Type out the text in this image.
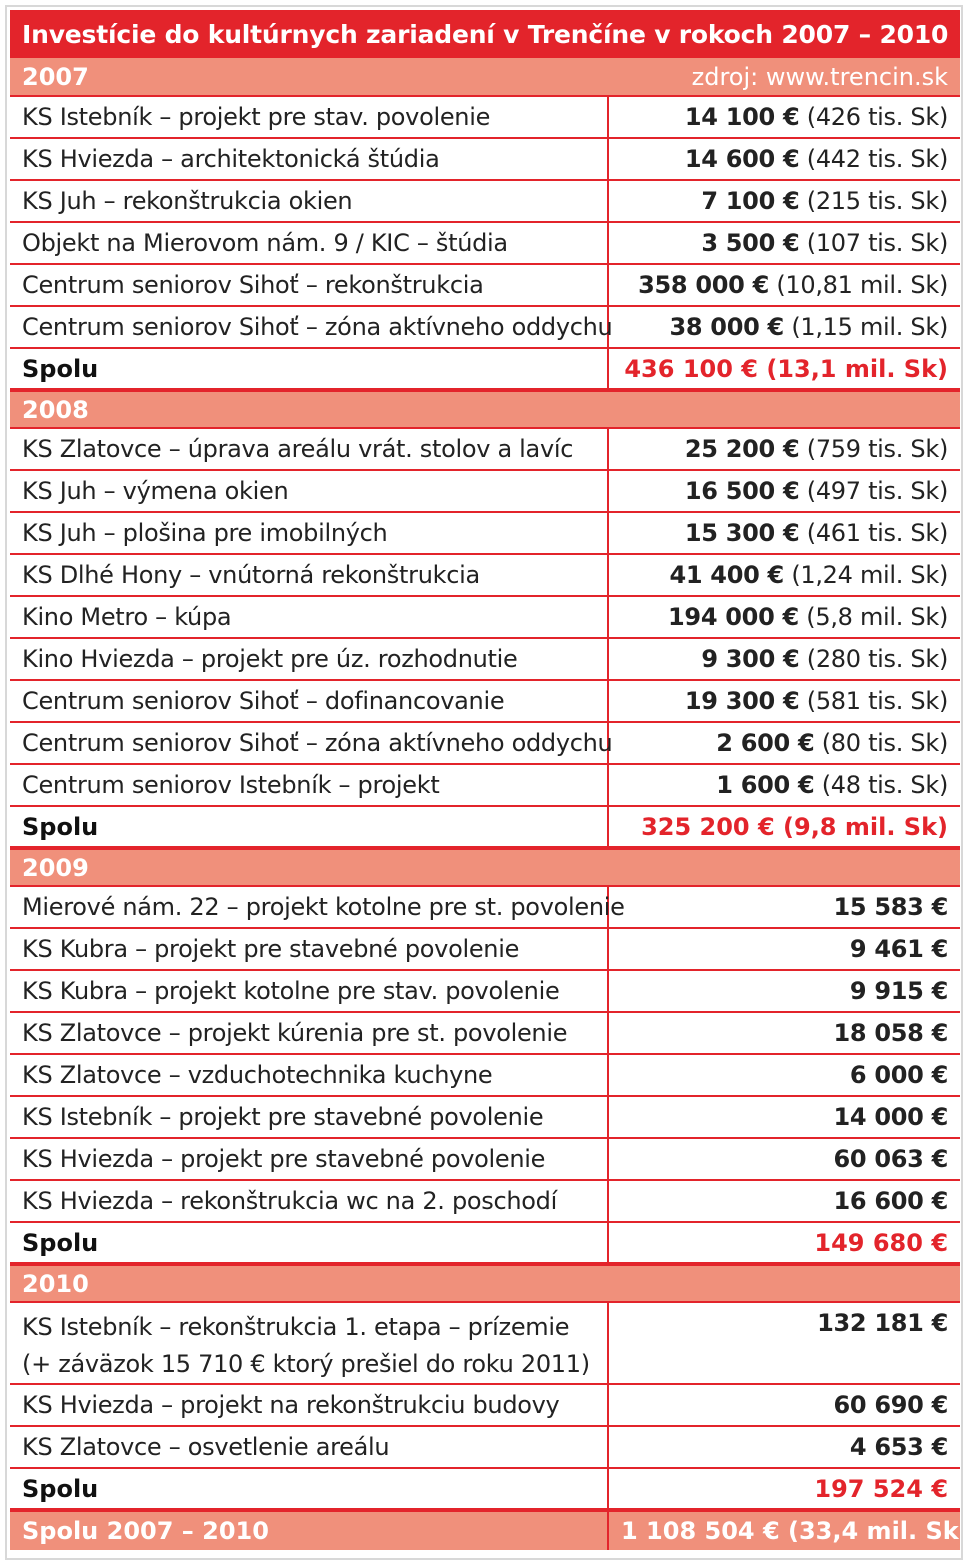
Investície do kultúrnych zariadení v Trenčíne v rokoch 2007 – 2010	
2007	zdroj: www.trencin.sk
KS Istebník – projekt pre stav. povolenie	14 100 € (426 tis. Sk)
KS Hviezda – architektonická štúdia	14 600 € (442 tis. Sk)
KS Juh – rekonštrukcia okien	7 100 € (215 tis. Sk)
Objekt na Mierovom nám. 9 / KIC – štúdia	3 500 € (107 tis. Sk)
Centrum seniorov Sihoť – rekonštrukcia	358 000 € (10,81 mil. Sk)
Centrum seniorov Sihoť – zóna aktívneho oddychu	38 000 € (1,15 mil. Sk)
Spolu	436 100 € (13,1 mil. Sk)
2008	
KS Zlatovce – úprava areálu vrát. stolov a lavíc	25 200 € (759 tis. Sk)
KS Juh – výmena okien	16 500 € (497 tis. Sk)
KS Juh – plošina pre imobilných	15 300 € (461 tis. Sk)
KS Dlhé Hony – vnútorná rekonštrukcia	41 400 € (1,24 mil. Sk)
Kino Metro – kúpa	194 000 € (5,8 mil. Sk)
Kino Hviezda – projekt pre úz. rozhodnutie	9 300 € (280 tis. Sk)
Centrum seniorov Sihoť – dofinancovanie	19 300 € (581 tis. Sk)
Centrum seniorov Sihoť – zóna aktívneho oddychu	2 600 € (80 tis. Sk)
Centrum seniorov Istebník – projekt	1 600 € (48 tis. Sk)
Spolu	325 200 € (9,8 mil. Sk)
2009	
Mierové nám. 22 – projekt kotolne pre st. povolenie	15 583 €
KS Kubra – projekt pre stavebné povolenie	9 461 €
KS Kubra – projekt kotolne pre stav. povolenie	9 915 €
KS Zlatovce – projekt kúrenia pre st. povolenie	18 058 €
KS Zlatovce – vzduchotechnika kuchyne	6 000 €
KS Istebník – projekt pre stavebné povolenie	14 000 €
KS Hviezda – projekt pre stavebné povolenie	60 063 €
KS Hviezda – rekonštrukcia wc na 2. poschodí	16 600 €
Spolu	149 680 €
2010	
KS Istebník – rekonštrukcia 1. etapa – prízemie (+ záväzok 15 710 € ktorý prešiel do roku 2011)	132 181 €
KS Hviezda – projekt na rekonštrukciu budovy	60 690 €
KS Zlatovce – osvetlenie areálu	4 653 €
Spolu	197 524 €
Spolu 2007 – 2010	1 108 504 € (33,4 mil. Sk
